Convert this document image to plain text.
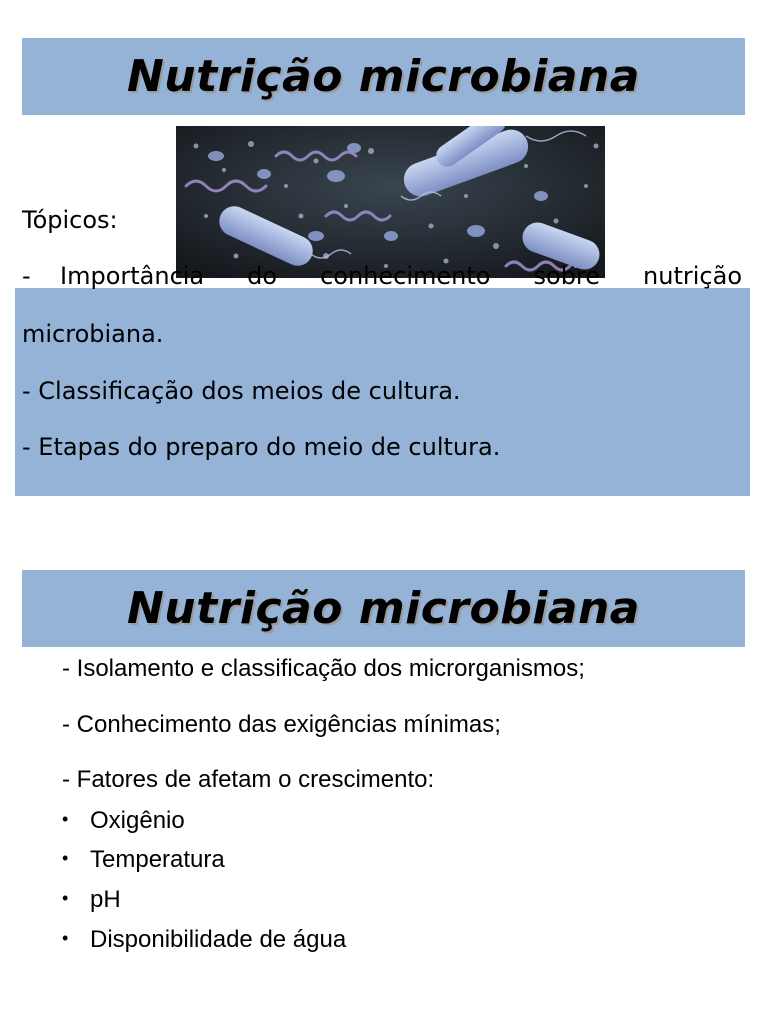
Nutrição microbiana
Tópicos:
- Importância do conhecimento sobre nutrição
microbiana.
- Classificação dos meios de cultura.
- Etapas do preparo do meio de cultura.
Nutrição microbiana
- Isolamento e classificação dos microrganismos;
- Conhecimento das exigências mínimas;
- Fatores de afetam o crescimento:
• Oxigênio
• Temperatura
• pH
• Disponibilidade de água
